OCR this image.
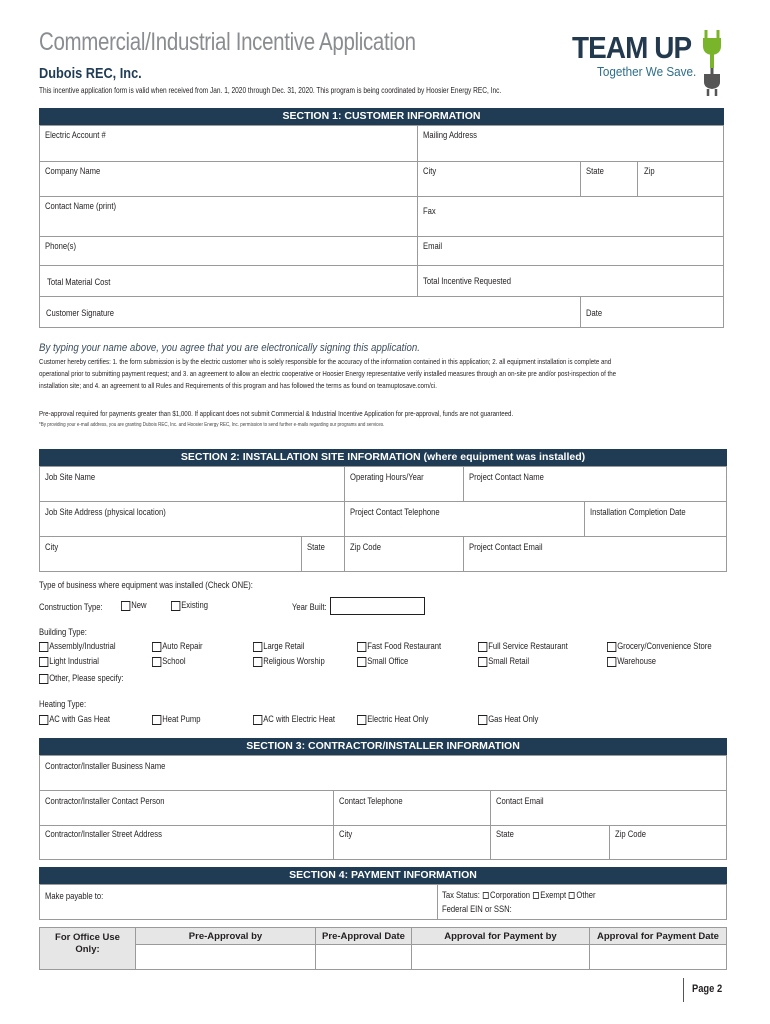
Commercial/Industrial Incentive Application
Dubois REC, Inc.
This incentive application form is valid when received from Jan. 1, 2020 through Dec. 31, 2020. This program is being coordinated by Hoosier Energy REC, Inc.
TEAM UP
Together We Save.
SECTION 1: CUSTOMER INFORMATION
Electric Account #	Mailing Address
Company Name	City	State	Zip
Contact Name (print)	Fax
Phone(s)	Email
Total Material Cost	Total Incentive Requested
Customer Signature	Date
By typing your name above, you agree that you are electronically signing this application.
Customer hereby certifies: 1. the form submission is by the electric customer who is solely responsible for the accuracy of the information contained in this application; 2. all equipment installation is complete and
operational prior to submitting payment request; and 3. an agreement to allow an electric cooperative or Hoosier Energy representative verify installed measures through an on-site pre and/or post-inspection of the
installation site; and 4. an agreement to all Rules and Requirements of this program and has followed the terms as found on teamuptosave.com/ci.
Pre-approval required for payments greater than $1,000. If applicant does not submit Commercial & Industrial Incentive Application for pre-approval, funds are not guaranteed.
*By providing your e-mail address, you are granting Dubois REC, Inc. and Hoosier Energy REC, Inc. permission to send further e-mails regarding our programs and services.
SECTION 2: INSTALLATION SITE INFORMATION (where equipment was installed)
Job Site Name	Operating Hours/Year	Project Contact Name
Job Site Address (physical location)	Project Contact Telephone	Installation Completion Date
City	State	Zip Code	Project Contact Email
Type of business where equipment was installed (Check ONE):
Construction Type:	New	Existing	Year Built:
Building Type:
Assembly/Industrial	Auto Repair	Large Retail	Fast Food Restaurant	Full Service Restaurant	Grocery/Convenience Store
Light Industrial	School	Religious Worship	Small Office	Small Retail	Warehouse
Other, Please specify:
Heating Type:
AC with Gas Heat	Heat Pump	AC with Electric Heat	Electric Heat Only	Gas Heat Only
SECTION 3: CONTRACTOR/INSTALLER INFORMATION
Contractor/Installer Business Name
Contractor/Installer Contact Person	Contact Telephone	Contact Email
Contractor/Installer Street Address	City	State	Zip Code
SECTION 4: PAYMENT INFORMATION
Make payable to:	Tax Status: Corporation Exempt Other
Federal EIN or SSN:
For Office Use Only:
Pre-Approval by	Pre-Approval Date	Approval for Payment by	Approval for Payment Date
Page 2
